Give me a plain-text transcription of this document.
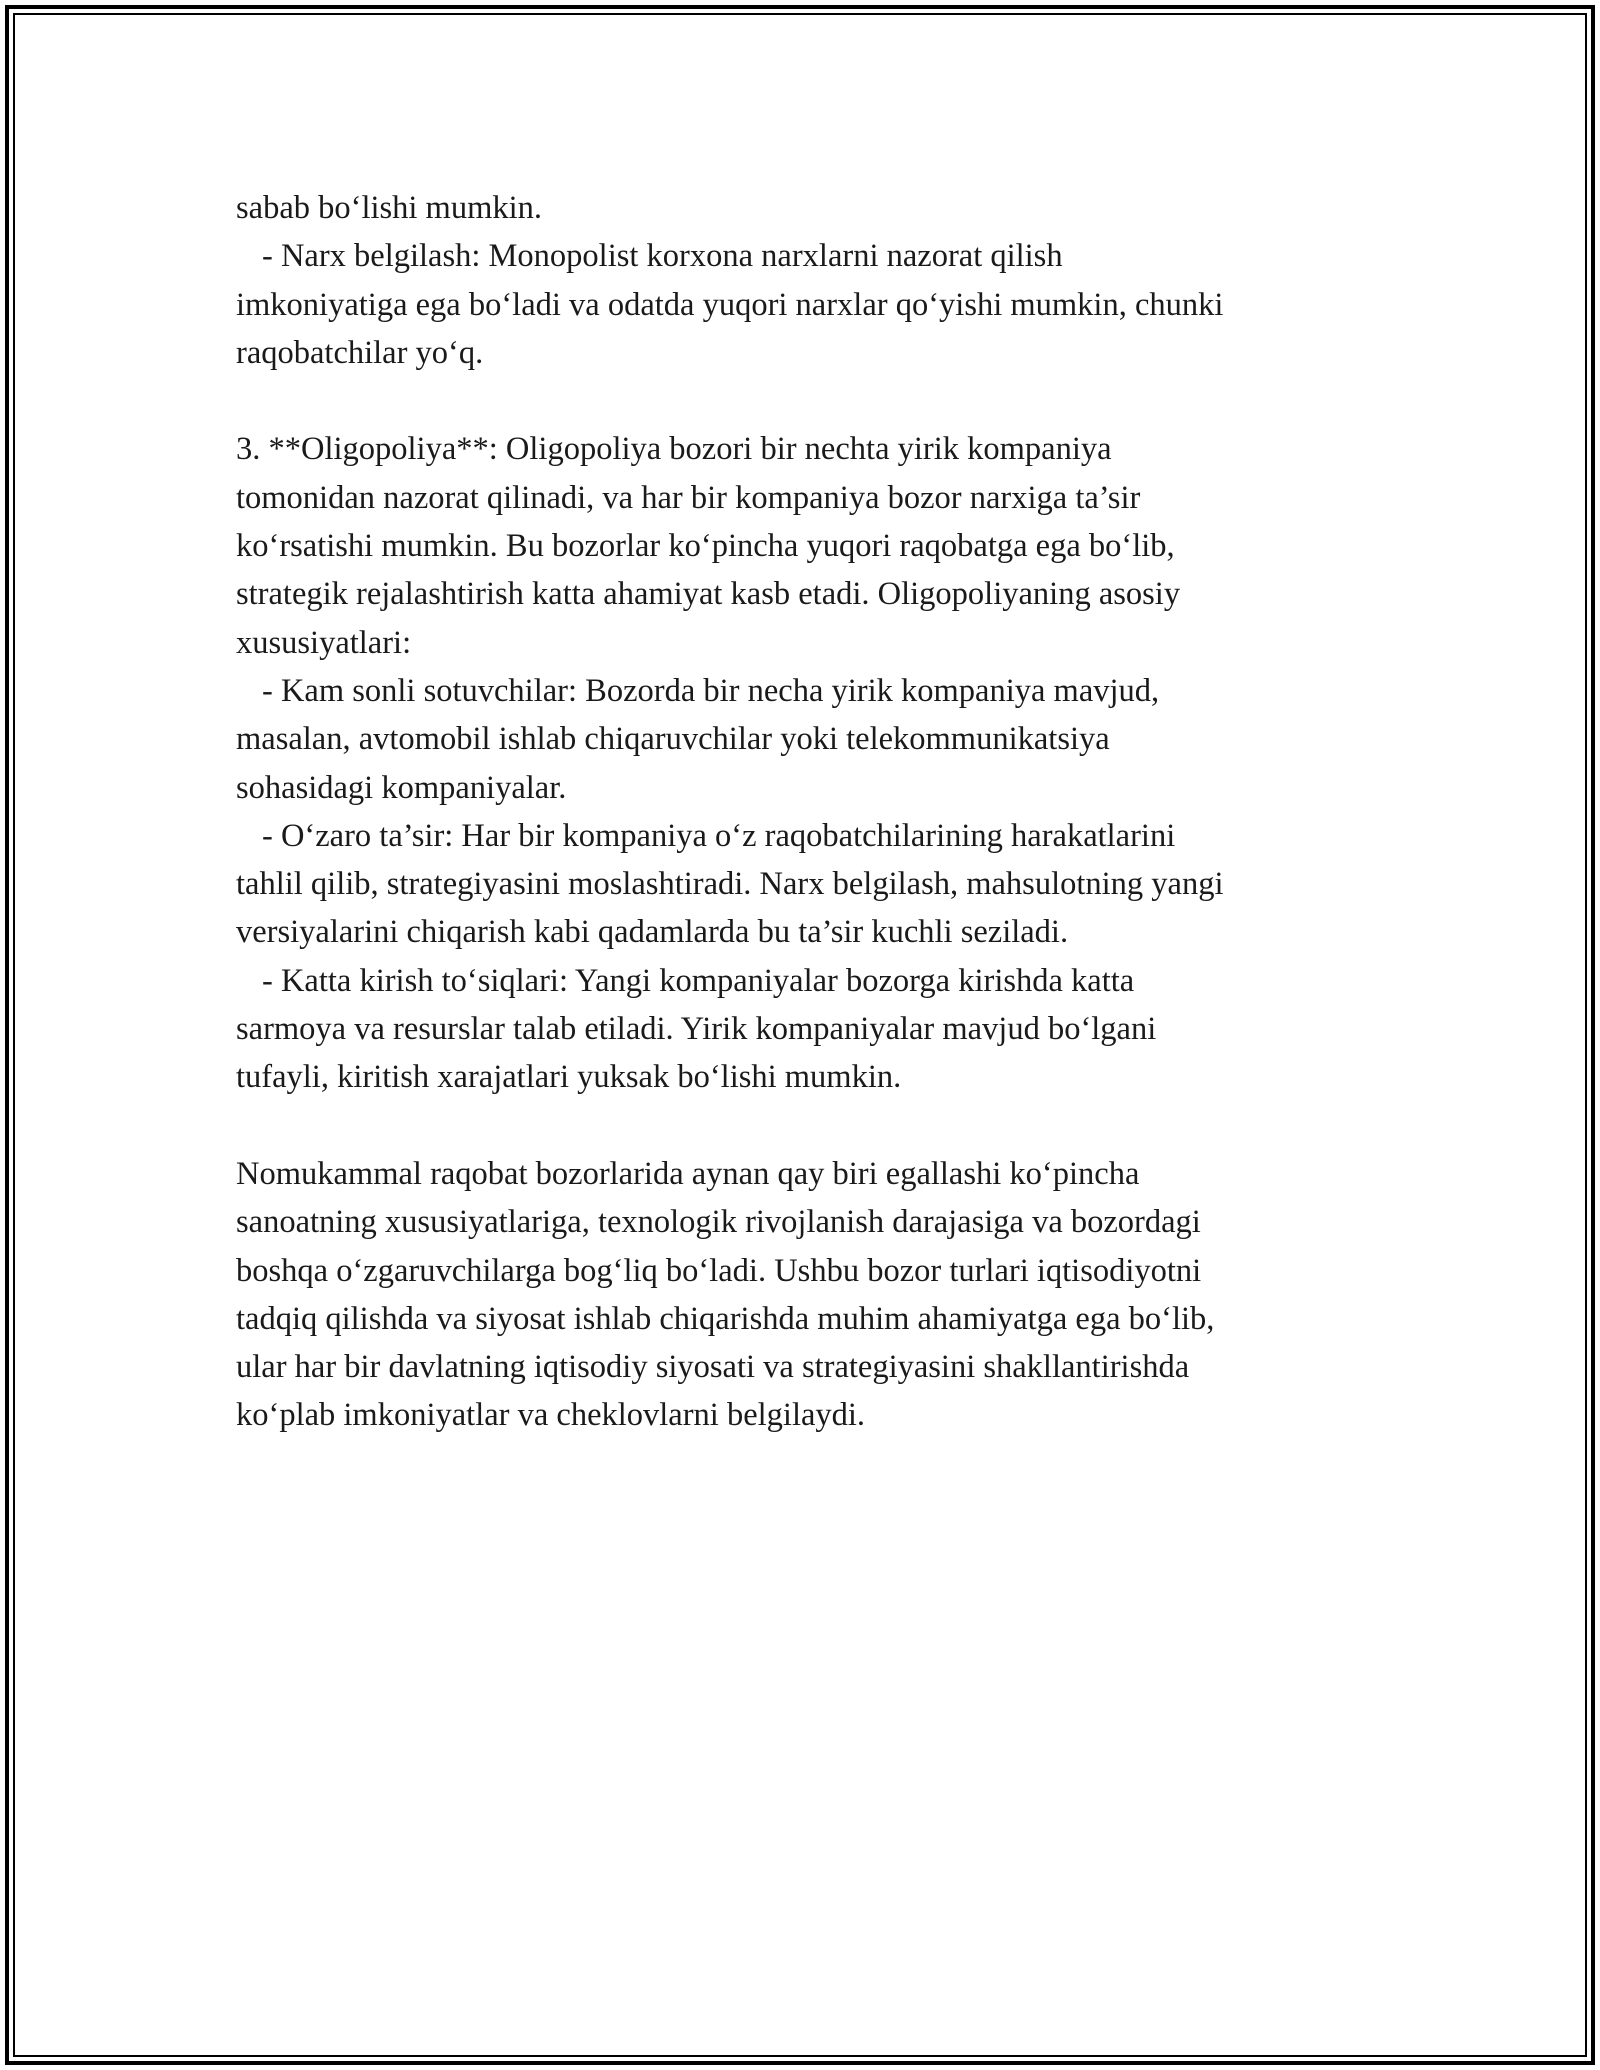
sabab bo‘lishi mumkin.
- Narx belgilash: Monopolist korxona narxlarni nazorat qilish
imkoniyatiga ega bo‘ladi va odatda yuqori narxlar qo‘yishi mumkin, chunki
raqobatchilar yo‘q.
3. **Oligopoliya**: Oligopoliya bozori bir nechta yirik kompaniya
tomonidan nazorat qilinadi, va har bir kompaniya bozor narxiga ta’sir
ko‘rsatishi mumkin. Bu bozorlar ko‘pincha yuqori raqobatga ega bo‘lib,
strategik rejalashtirish katta ahamiyat kasb etadi. Oligopoliyaning asosiy
xususiyatlari:
- Kam sonli sotuvchilar: Bozorda bir necha yirik kompaniya mavjud,
masalan, avtomobil ishlab chiqaruvchilar yoki telekommunikatsiya
sohasidagi kompaniyalar.
- O‘zaro ta’sir: Har bir kompaniya o‘z raqobatchilarining harakatlarini
tahlil qilib, strategiyasini moslashtiradi. Narx belgilash, mahsulotning yangi
versiyalarini chiqarish kabi qadamlarda bu ta’sir kuchli seziladi.
- Katta kirish to‘siqlari: Yangi kompaniyalar bozorga kirishda katta
sarmoya va resurslar talab etiladi. Yirik kompaniyalar mavjud bo‘lgani
tufayli, kiritish xarajatlari yuksak bo‘lishi mumkin.
Nomukammal raqobat bozorlarida aynan qay biri egallashi ko‘pincha
sanoatning xususiyatlariga, texnologik rivojlanish darajasiga va bozordagi
boshqa o‘zgaruvchilarga bog‘liq bo‘ladi. Ushbu bozor turlari iqtisodiyotni
tadqiq qilishda va siyosat ishlab chiqarishda muhim ahamiyatga ega bo‘lib,
ular har bir davlatning iqtisodiy siyosati va strategiyasini shakllantirishda
ko‘plab imkoniyatlar va cheklovlarni belgilaydi.
